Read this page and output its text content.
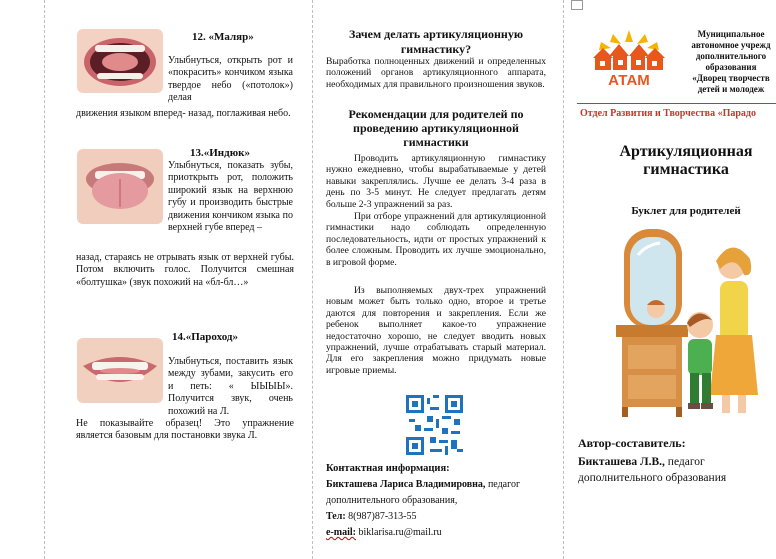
12. «Маляр»
Улыбнуться, открыть рот и «покрасить» кончиком языка твердое небо («потолок») делая
движения языком вперед- назад, поглаживая небо.
13.«Индюк»
Улыбнуться, показать зубы, приоткрыть рот, положить широкий язык на верхнюю губу и производить быстрые движения кончиком языка по верхней губе вперед –
назад, стараясь не отрывать язык от верхней губы. Потом включить голос. Получится смешная «болтушка» (звук похожий на «бл-бл…»
14.«Пароход»
Улыбнуться, поставить язык между зубами, закусить его и петь: « ЫЫЫЫ». Получится звук, очень похожий на Л.
Не показывайте образец! Это упражнение является базовым для постановки звука Л.
Зачем делать артикуляционную гимнастику?
Выработка полноценных движений и определенных положений органов артикуляционного аппарата, необходимых для правильного произношения звуков.
Рекомендации для родителей по проведению артикуляционной гимнастики
Проводить артикуляционную гимнастику нужно ежедневно, чтобы вырабатываемые у детей навыки закреплялись. Лучше ее делать 3-4 раза в день по 3-5 минут. Не следует предлагать детям больше 2-3 упражнений за раз.
При отборе упражнений для артикуляционной гимнастики надо соблюдать определенную последовательность, идти от простых упражнений к более сложным. Проводить их лучше эмоционально, в игровой форме.
Из выполняемых двух-трех упражнений новым может быть только одно, второе и третье даются для повторения и закрепления. Если же ребенок выполняет какое-то упражнение недостаточно хорошо, не следует вводить новых упражнений, лучше отрабатывать старый материал. Для его закрепления можно придумать новые игровые приемы.
Контактная информация:
Бикташева Лариса Владимировна, педагог
дополнительного образования,
Тел: 8(987)87-313-55
e-mail: biklarisa.ru@mail.ru
АТАМ
Муниципальное
автономное учрежд
дополнительного
образования
«Дворец творчеств
детей и молодеж
Отдел Развития и Творчества «Парадо
Артикуляционная
гимнастика
Буклет для родителей
Автор-составитель:
Бикташева Л.В., педагог
дополнительного образования
